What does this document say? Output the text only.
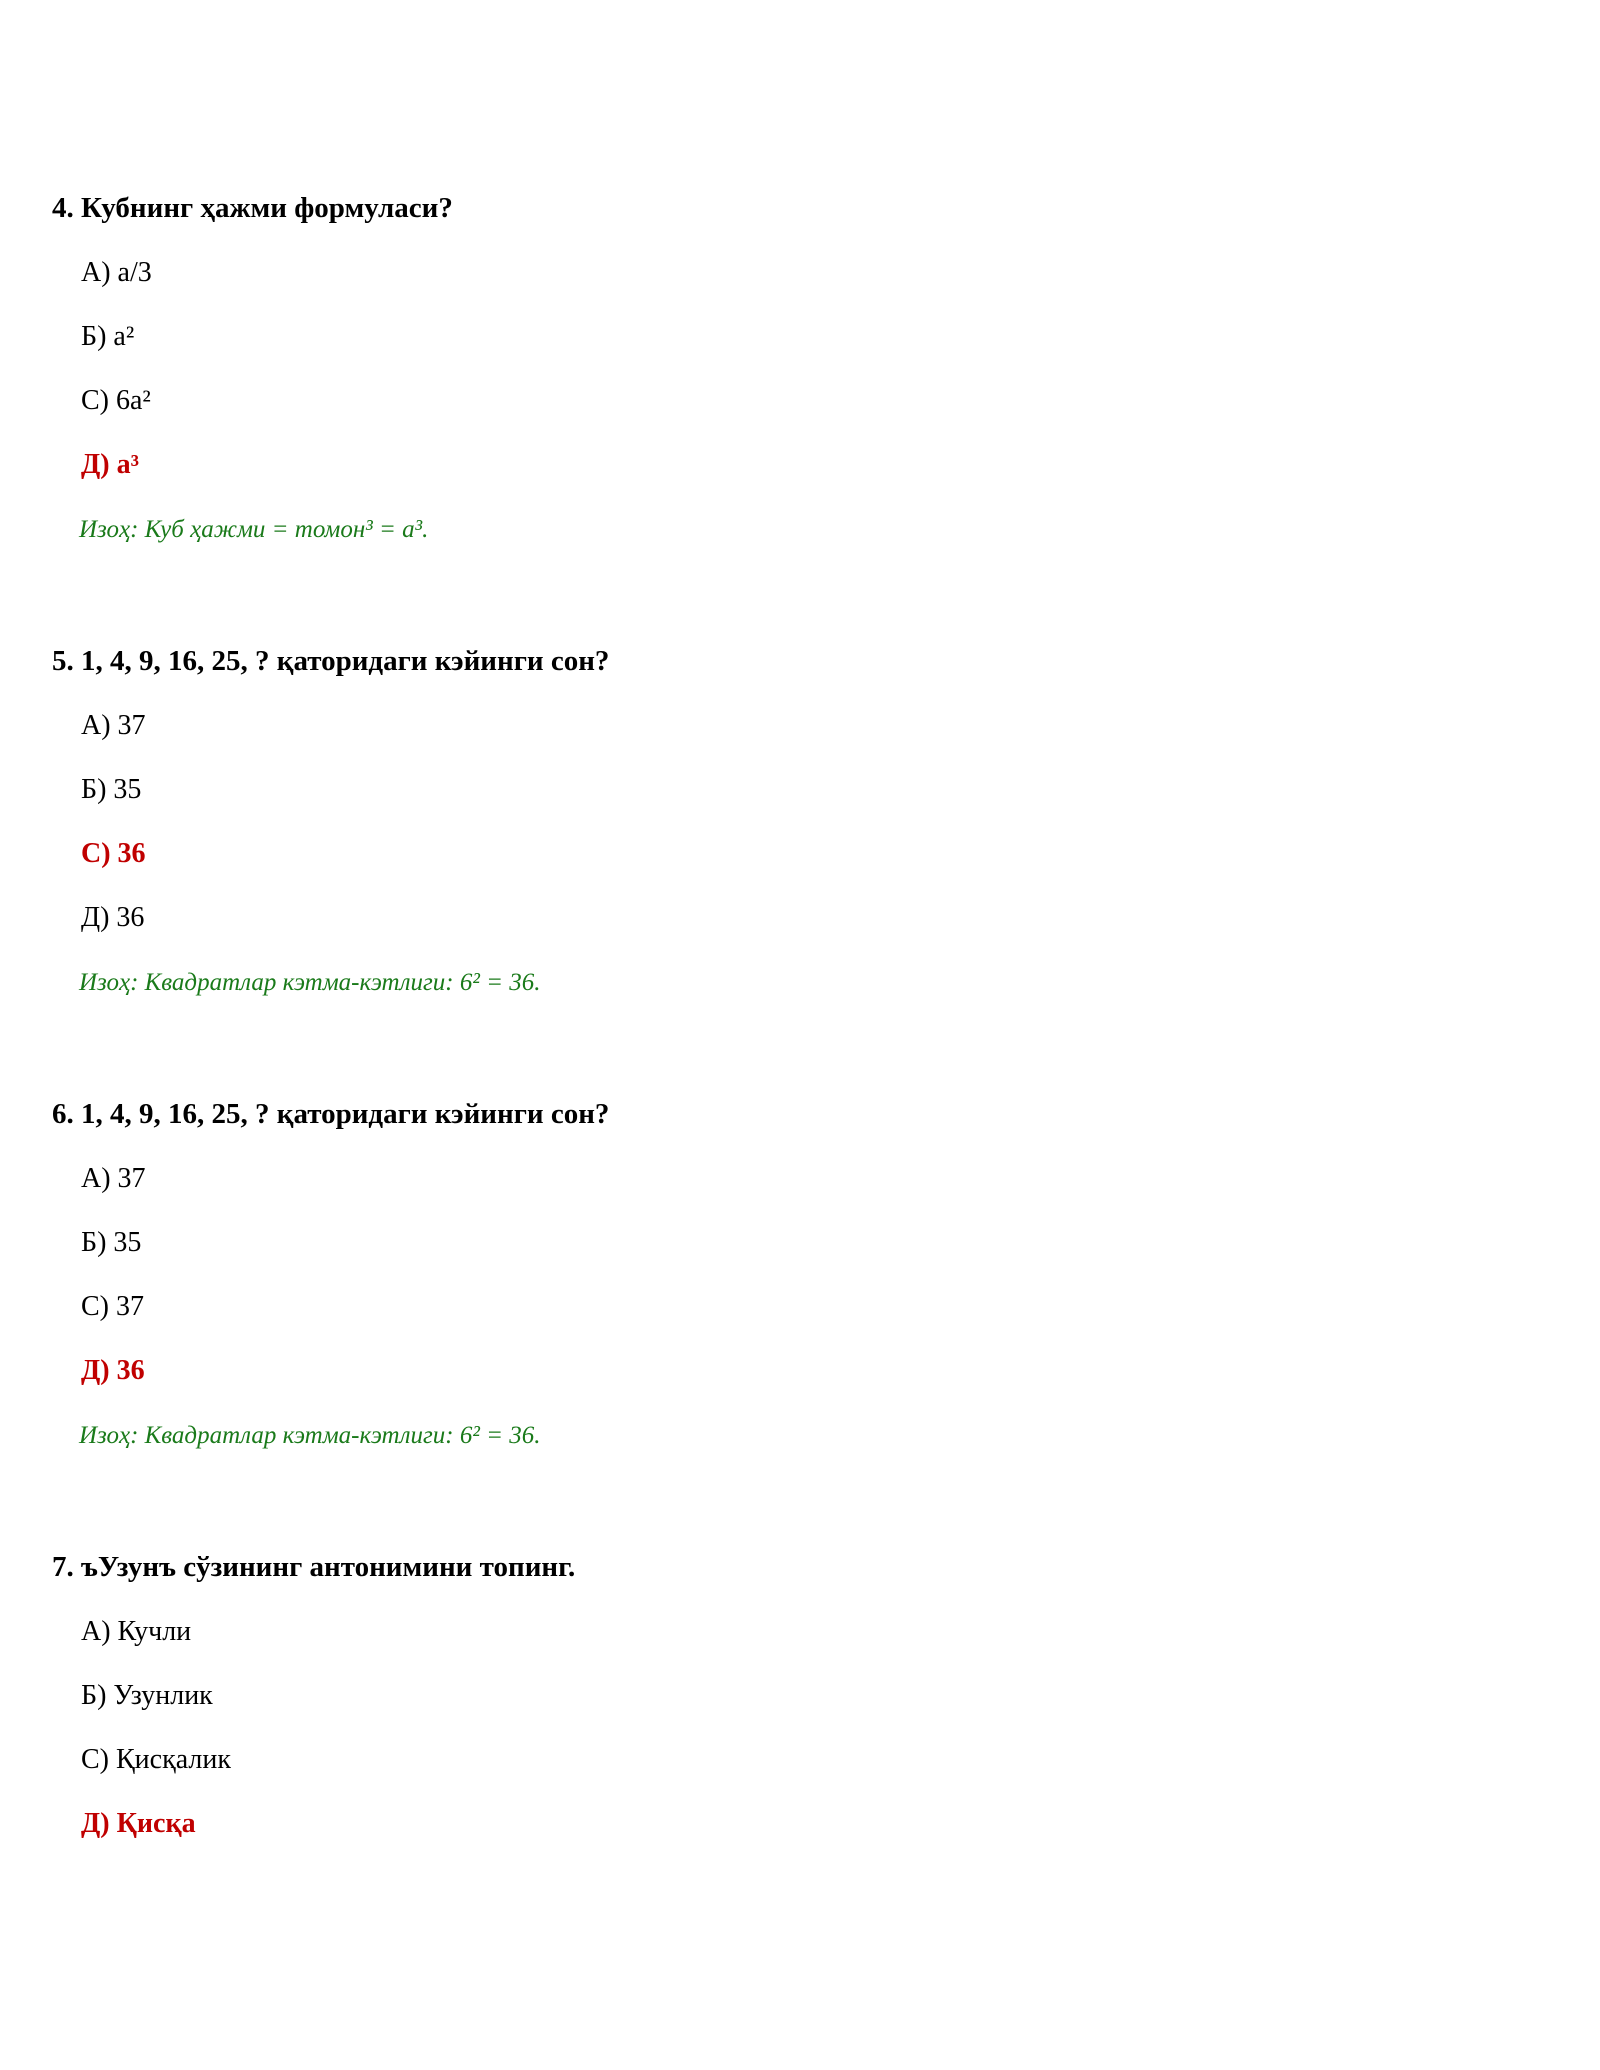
4. Кубнинг ҳажми формуласи?

А) a/3

Б) a²

С) 6a²

Д) a³

Изоҳ: Куб ҳажми = томон³ = a³.

5. 1, 4, 9, 16, 25, ? қаторидаги кэйинги сон?

А) 37

Б) 35

С) 36

Д) 36

Изоҳ: Квадратлар кэтма-кэтлиги: 6² = 36.

6. 1, 4, 9, 16, 25, ? қаторидаги кэйинги сон?

А) 37

Б) 35

С) 37

Д) 36

Изоҳ: Квадратлар кэтма-кэтлиги: 6² = 36.

7. ъУзунъ сўзининг антонимини топинг.

А) Кучли

Б) Узунлик

С) Қисқалик

Д) Қисқа
